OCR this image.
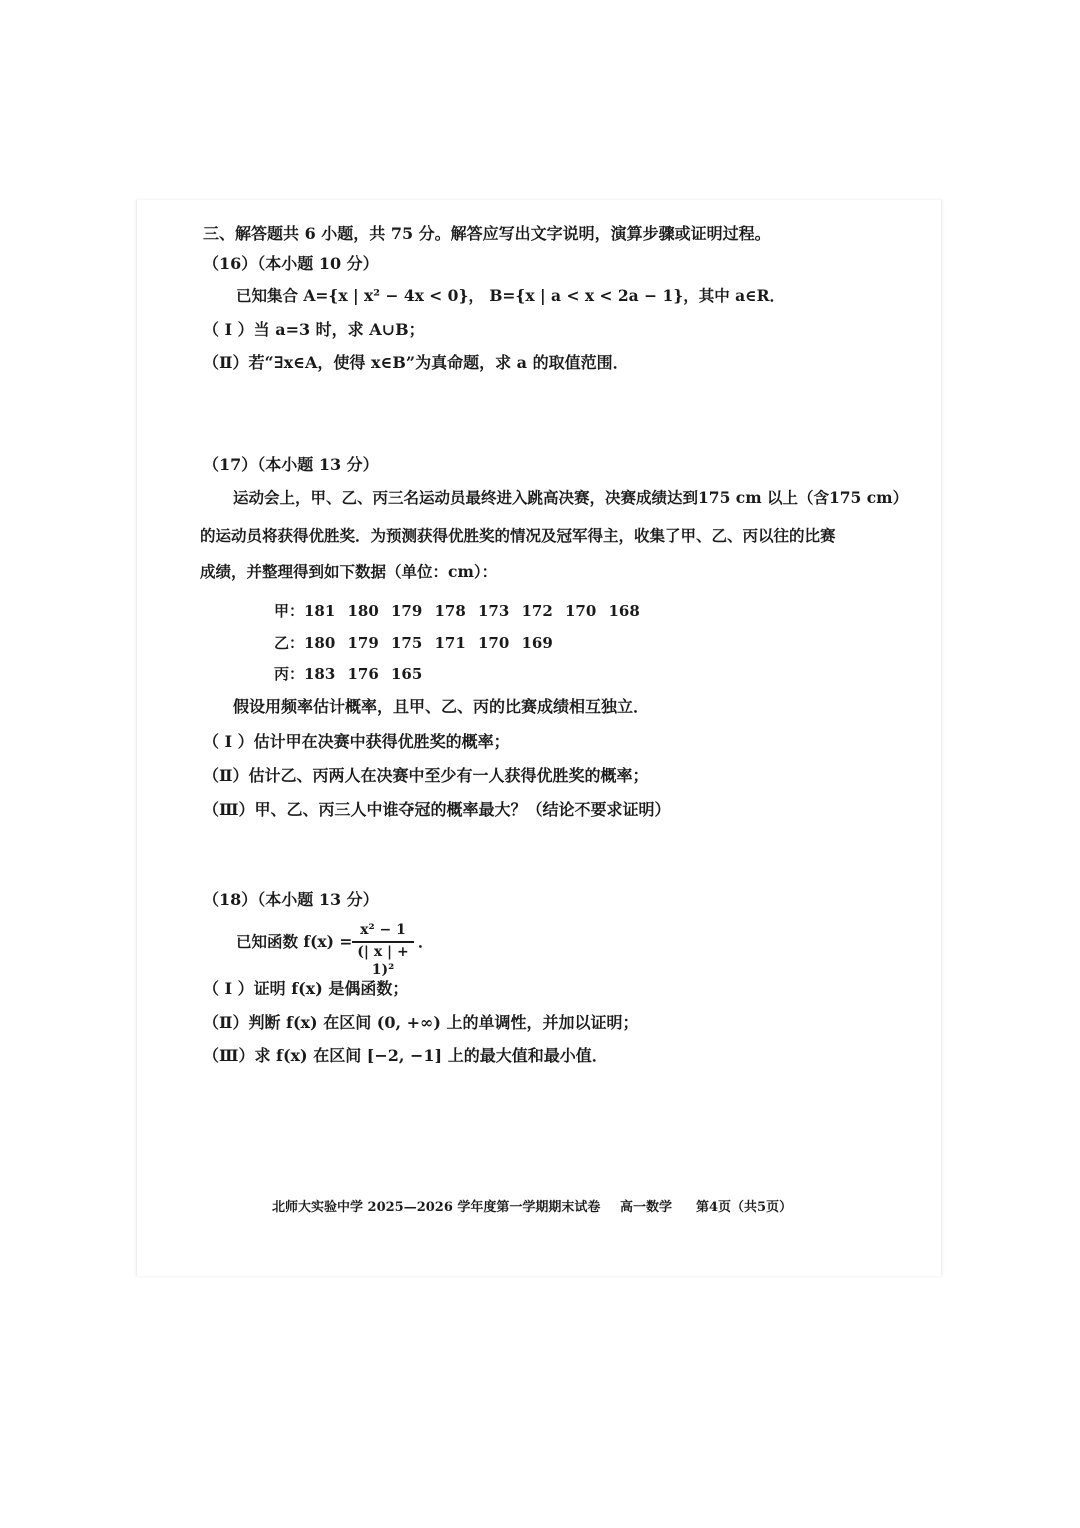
三、解答题共 6 小题，共 75 分。解答应写出文字说明，演算步骤或证明过程。
（16）（本小题 10 分）
已知集合 A={x | x² − 4x < 0}， B={x | a < x < 2a − 1}，其中 a∈R．
（ I ）当 a=3 时，求 A∪B；
（Ⅱ）若“∃x∈A，使得 x∈B”为真命题，求 a 的取值范围．
（17）（本小题 13 分）
运动会上，甲、乙、丙三名运动员最终进入跳高决赛，决赛成绩达到175 cm 以上（含175 cm）
的运动员将获得优胜奖．为预测获得优胜奖的情况及冠军得主，收集了甲、乙、丙以往的比赛
成绩，并整理得到如下数据（单位：cm）：
甲：181 180 179 178 173 172 170 168
乙：180 179 175 171 170 169
丙：183 176 165
假设用频率估计概率，且甲、乙、丙的比赛成绩相互独立．
（ I ）估计甲在决赛中获得优胜奖的概率；
（Ⅱ）估计乙、丙两人在决赛中至少有一人获得优胜奖的概率；
（Ⅲ）甲、乙、丙三人中谁夺冠的概率最大？（结论不要求证明）
（18）（本小题 13 分）
已知函数 f(x) =
x² − 1
(| x | + 1)²
．
（ I ）证明 f(x) 是偶函数；
（Ⅱ）判断 f(x) 在区间 (0, +∞) 上的单调性，并加以证明；
（Ⅲ）求 f(x) 在区间 [−2, −1] 上的最大值和最小值．
北师大实验中学 2025—2026 学年度第一学期期末试卷 高一数学 第4页（共5页）
